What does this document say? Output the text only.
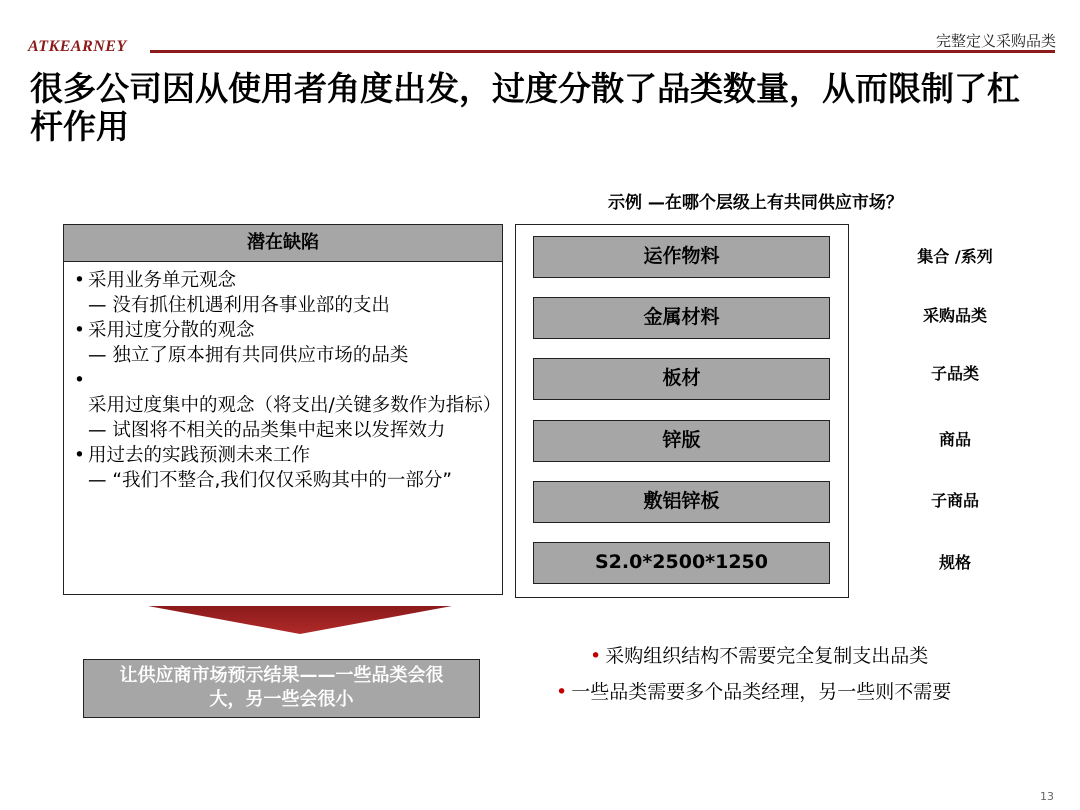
ATKEARNEY	完整定义采购品类
很多公司因从使用者角度出发，过度分散了品类数量，从而限制了杠杆作用
示例 —在哪个层级上有共同供应市场？
潜在缺陷
• 采用业务单元观念
— 没有抓住机遇利用各事业部的支出
• 采用过度分散的观念
— 独立了原本拥有共同供应市场的品类
• 采用过度集中的观念（将支出/关键多数作为指标）
— 试图将不相关的品类集中起来以发挥效力
• 用过去的实践预测未来工作
— “我们不整合,我们仅仅采购其中的一部分”
运作物料
金属材料
板材
锌版
敷铝锌板
S2.0*2500*1250
集合 /系列
采购品类
子品类
商品
子商品
规格
让供应商市场预示结果——一些品类会很大，另一些会很小
• 采购组织结构不需要完全复制支出品类
• 一些品类需要多个品类经理，另一些则不需要
13
